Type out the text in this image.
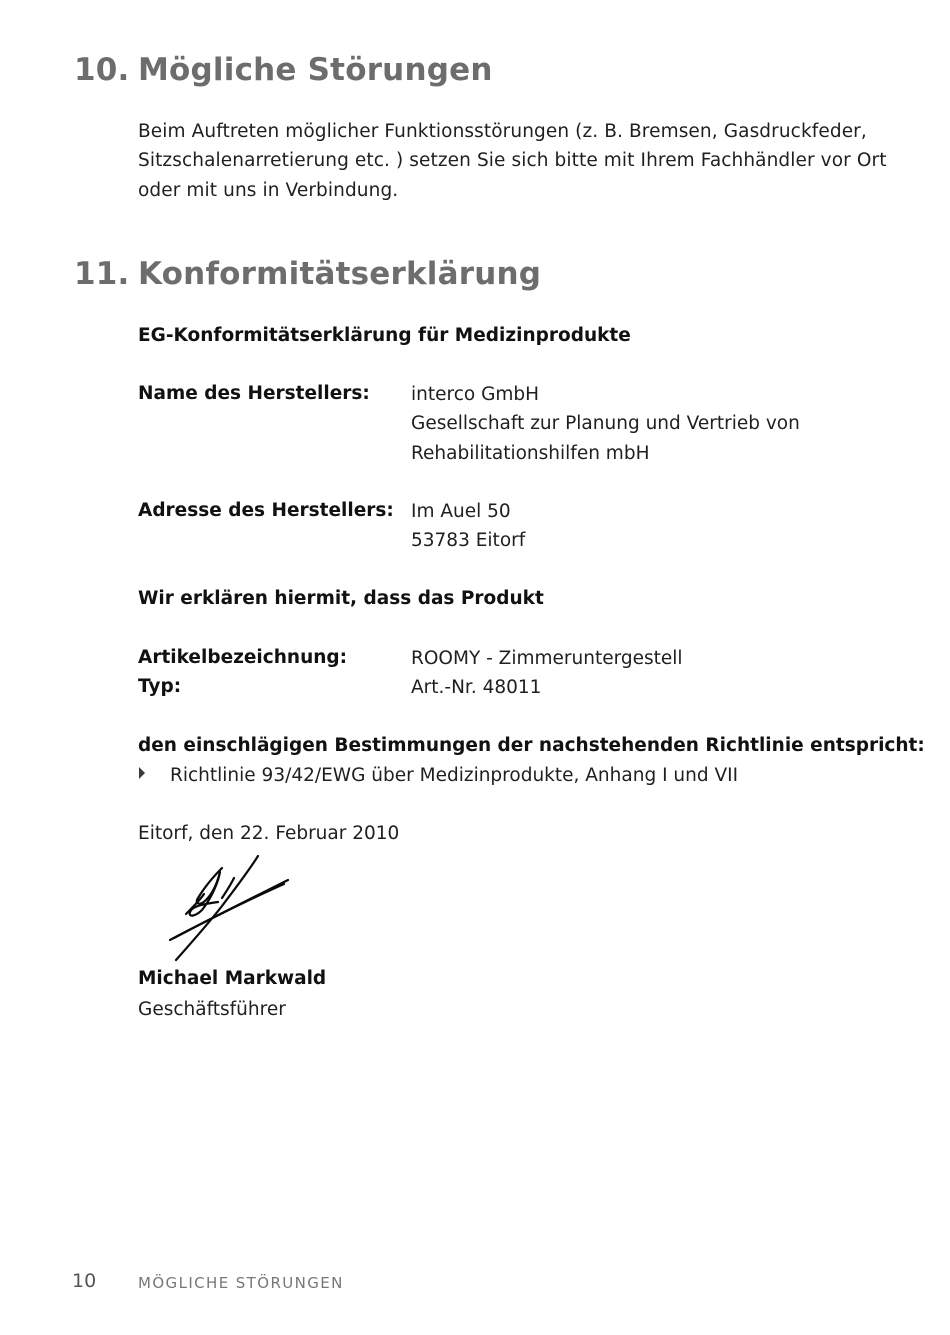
10. Mögliche Störungen
Beim Auftreten möglicher Funktionsstörungen (z. B. Bremsen, Gasdruckfeder,
Sitzschalenarretierung etc. ) setzen Sie sich bitte mit Ihrem Fachhändler vor Ort
oder mit uns in Verbindung.
11. Konformitätserklärung
EG-Konformitätserklärung für Medizinprodukte
Name des Herstellers: interco GmbH
Gesellschaft zur Planung und Vertrieb von
Rehabilitationshilfen mbH
Adresse des Herstellers: Im Auel 50
53783 Eitorf
Wir erklären hiermit, dass das Produkt
Artikelbezeichnung:	ROOMY - Zimmeruntergestell
Typ:	Art.-Nr. 48011
den einschlägigen Bestimmungen der nachstehenden Richtlinie entspricht:
Richtlinie 93/42/EWG über Medizinprodukte, Anhang I und VII
Eitorf, den 22. Februar 2010
Michael Markwald
Geschäftsführer
10	MÖGLICHE STÖRUNGEN
